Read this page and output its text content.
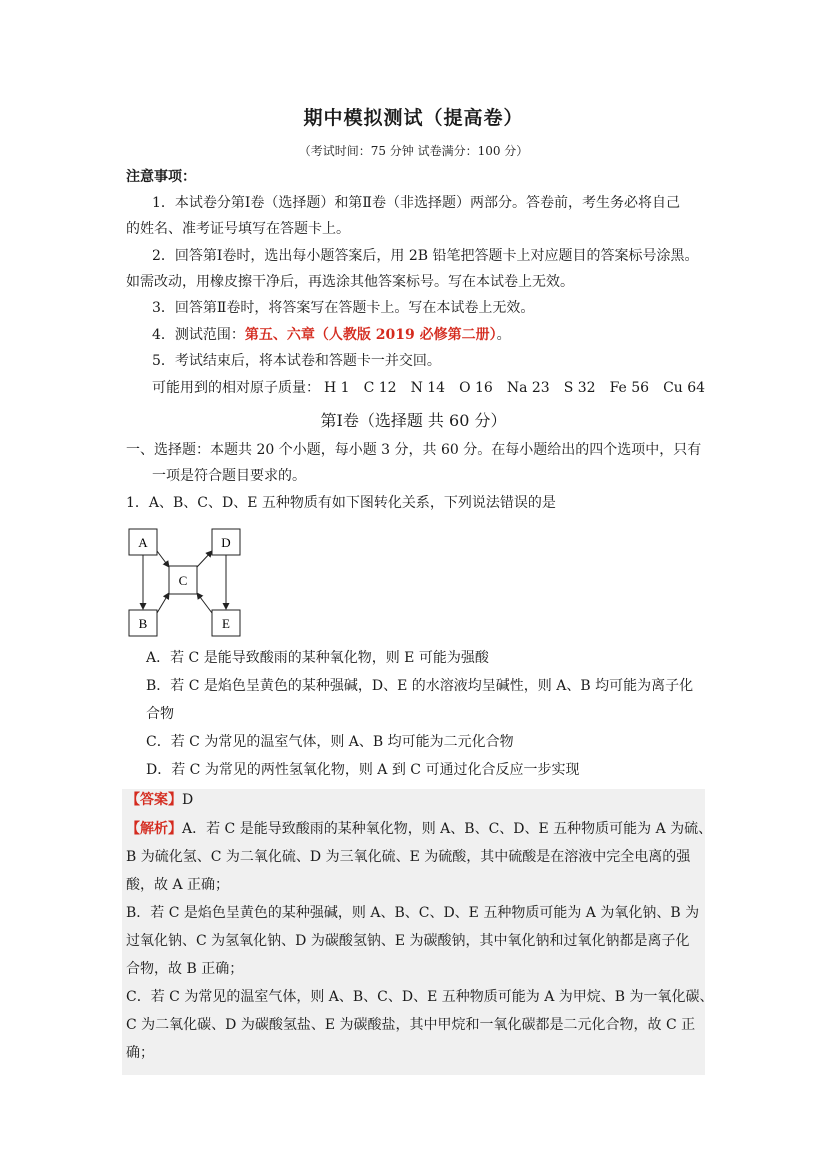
期中模拟测试（提高卷）
（考试时间：75 分钟 试卷满分：100 分）
注意事项：
1．本试卷分第Ⅰ卷（选择题）和第Ⅱ卷（非选择题）两部分。答卷前，考生务必将自己
的姓名、准考证号填写在答题卡上。
2．回答第Ⅰ卷时，选出每小题答案后，用 2B 铅笔把答题卡上对应题目的答案标号涂黑。
如需改动，用橡皮擦干净后，再选涂其他答案标号。写在本试卷上无效。
3．回答第Ⅱ卷时，将答案写在答题卡上。写在本试卷上无效。
4．测试范围：第五、六章（人教版 2019 必修第二册）。
5．考试结束后，将本试卷和答题卡一并交回。
可能用到的相对原子质量： H 1 C 12 N 14 O 16 Na 23 S 32 Fe 56 Cu 64
第Ⅰ卷（选择题 共 60 分）
一、选择题：本题共 20 个小题，每小题 3 分，共 60 分。在每小题给出的四个选项中，只有
一项是符合题目要求的。
1．A、B、C、D、E 五种物质有如下图转化关系，下列说法错误的是
A
B
C
D
E
A．若 C 是能导致酸雨的某种氧化物，则 E 可能为强酸
B．若 C 是焰色呈黄色的某种强碱，D、E 的水溶液均呈碱性，则 A、B 均可能为离子化
合物
C．若 C 为常见的温室气体，则 A、B 均可能为二元化合物
D．若 C 为常见的两性氢氧化物，则 A 到 C 可通过化合反应一步实现
【答案】D
【解析】A．若 C 是能导致酸雨的某种氧化物，则 A、B、C、D、E 五种物质可能为 A 为硫、
B 为硫化氢、C 为二氧化硫、D 为三氧化硫、E 为硫酸，其中硫酸是在溶液中完全电离的强
酸，故 A 正确；
B．若 C 是焰色呈黄色的某种强碱，则 A、B、C、D、E 五种物质可能为 A 为氧化钠、B 为
过氧化钠、C 为氢氧化钠、D 为碳酸氢钠、E 为碳酸钠，其中氧化钠和过氧化钠都是离子化
合物，故 B 正确；
C．若 C 为常见的温室气体，则 A、B、C、D、E 五种物质可能为 A 为甲烷、B 为一氧化碳、
C 为二氧化碳、D 为碳酸氢盐、E 为碳酸盐，其中甲烷和一氧化碳都是二元化合物，故 C 正
确；
